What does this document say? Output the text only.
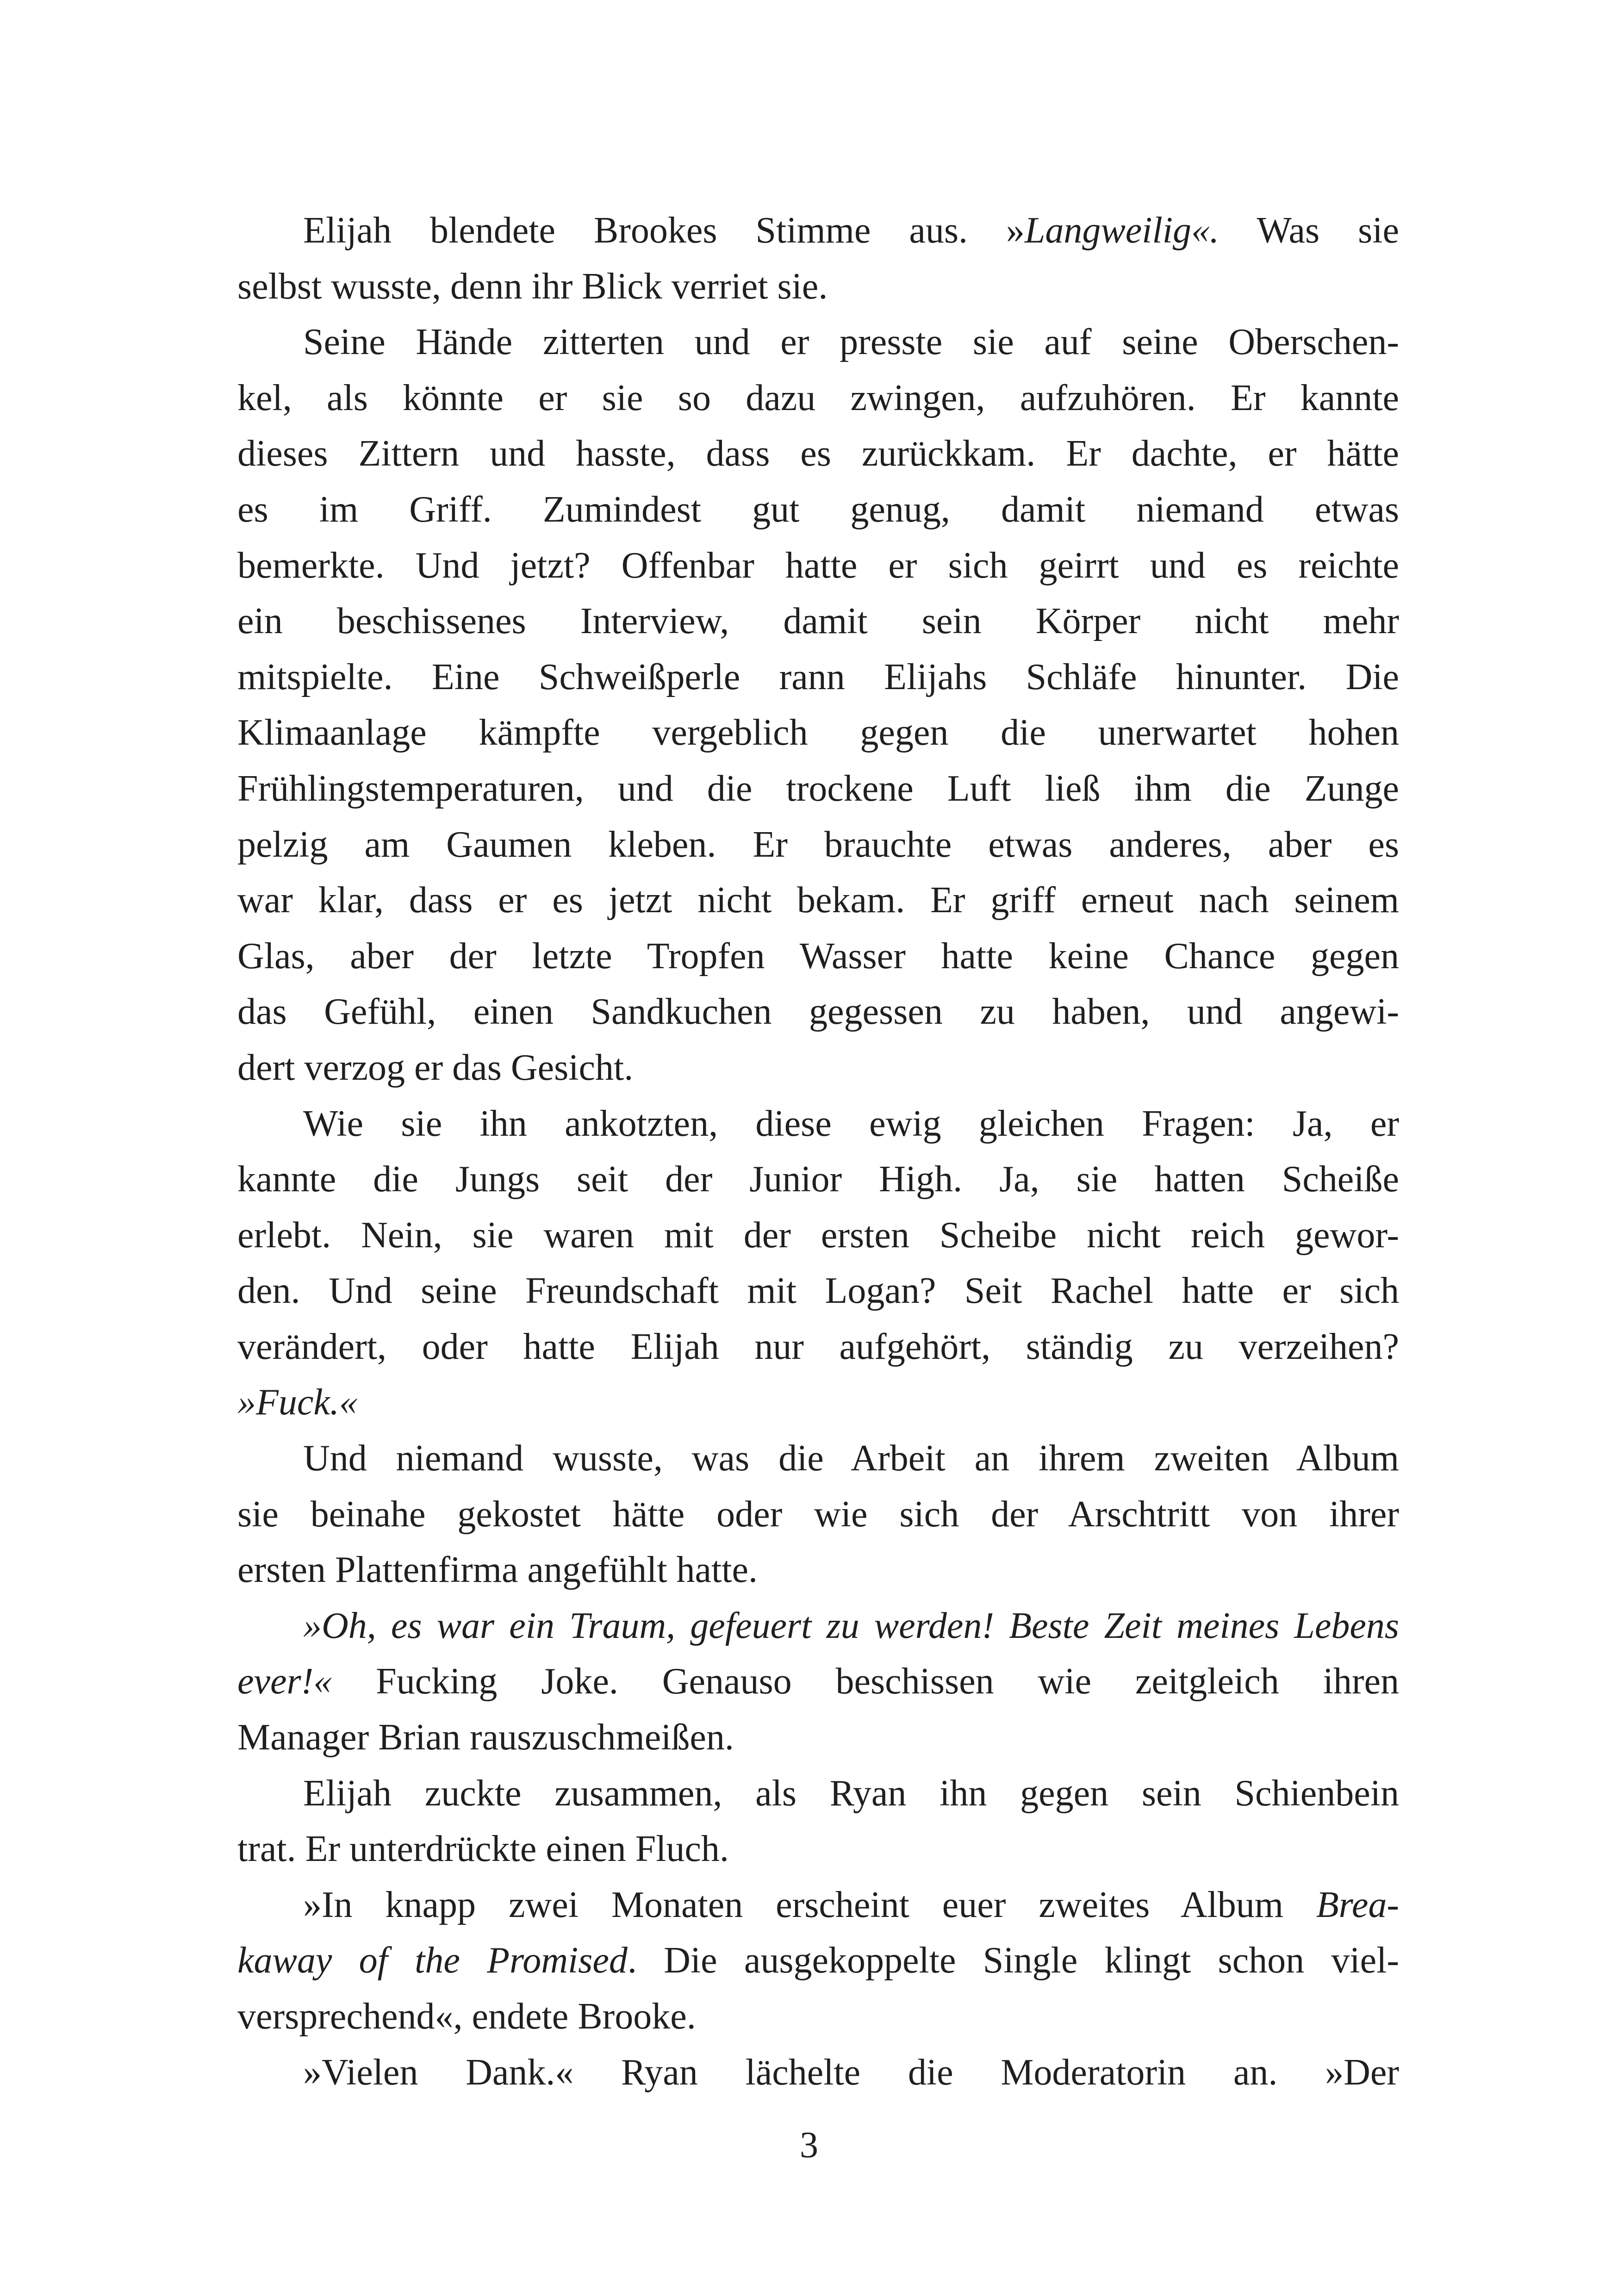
Elijah blendete Brookes Stimme aus. »Langweilig«. Was sie
selbst wusste, denn ihr Blick verriet sie.
Seine Hände zitterten und er presste sie auf seine Oberschen-
kel, als könnte er sie so dazu zwingen, aufzuhören. Er kannte
dieses Zittern und hasste, dass es zurückkam. Er dachte, er hätte
es im Griff. Zumindest gut genug, damit niemand etwas
bemerkte. Und jetzt? Offenbar hatte er sich geirrt und es reichte
ein beschissenes Interview, damit sein Körper nicht mehr
mitspielte. Eine Schweißperle rann Elijahs Schläfe hinunter. Die
Klimaanlage kämpfte vergeblich gegen die unerwartet hohen
Frühlingstemperaturen, und die trockene Luft ließ ihm die Zunge
pelzig am Gaumen kleben. Er brauchte etwas anderes, aber es
war klar, dass er es jetzt nicht bekam. Er griff erneut nach seinem
Glas, aber der letzte Tropfen Wasser hatte keine Chance gegen
das Gefühl, einen Sandkuchen gegessen zu haben, und angewi-
dert verzog er das Gesicht.
Wie sie ihn ankotzten, diese ewig gleichen Fragen: Ja, er
kannte die Jungs seit der Junior High. Ja, sie hatten Scheiße
erlebt. Nein, sie waren mit der ersten Scheibe nicht reich gewor-
den. Und seine Freundschaft mit Logan? Seit Rachel hatte er sich
verändert, oder hatte Elijah nur aufgehört, ständig zu verzeihen?
»Fuck.«
Und niemand wusste, was die Arbeit an ihrem zweiten Album
sie beinahe gekostet hätte oder wie sich der Arschtritt von ihrer
ersten Plattenfirma angefühlt hatte.
»Oh, es war ein Traum, gefeuert zu werden! Beste Zeit meines Lebens
ever!« Fucking Joke. Genauso beschissen wie zeitgleich ihren
Manager Brian rauszuschmeißen.
Elijah zuckte zusammen, als Ryan ihn gegen sein Schienbein
trat. Er unterdrückte einen Fluch.
»In knapp zwei Monaten erscheint euer zweites Album Brea-
kaway of the Promised. Die ausgekoppelte Single klingt schon viel-
versprechend«, endete Brooke.
»Vielen Dank.« Ryan lächelte die Moderatorin an. »Der
3
